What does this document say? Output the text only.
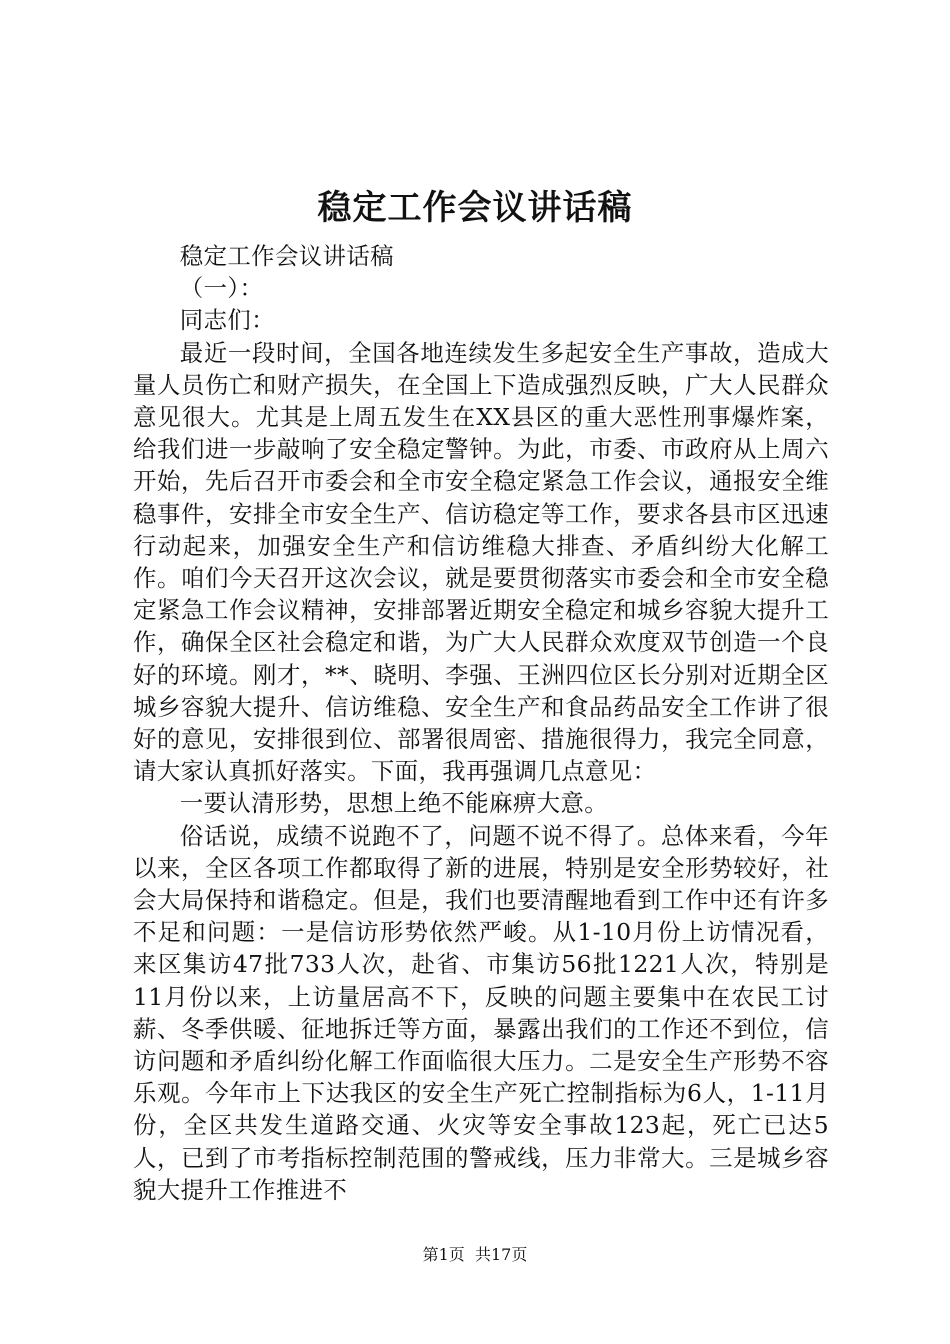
稳定工作会议讲话稿

稳定工作会议讲话稿

（一）：

同志们：

最近一段时间，全国各地连续发生多起安全生产事故，造成大量人员伤亡和财产损失，在全国上下造成强烈反映，广大人民群众意见很大。尤其是上周五发生在XX县区的重大恶性刑事爆炸案，给我们进一步敲响了安全稳定警钟。为此，市委、市政府从上周六开始，先后召开市委会和全市安全稳定紧急工作会议，通报安全维稳事件，安排全市安全生产、信访稳定等工作，要求各县市区迅速行动起来，加强安全生产和信访维稳大排查、矛盾纠纷大化解工作。咱们今天召开这次会议，就是要贯彻落实市委会和全市安全稳定紧急工作会议精神，安排部署近期安全稳定和城乡容貌大提升工作，确保全区社会稳定和谐，为广大人民群众欢度双节创造一个良好的环境。刚才，**、晓明、李强、王洲四位区长分别对近期全区城乡容貌大提升、信访维稳、安全生产和食品药品安全工作讲了很好的意见，安排很到位、部署很周密、措施很得力，我完全同意，请大家认真抓好落实。下面，我再强调几点意见：

一要认清形势，思想上绝不能麻痹大意。

俗话说，成绩不说跑不了，问题不说不得了。总体来看，今年以来，全区各项工作都取得了新的进展，特别是安全形势较好，社会大局保持和谐稳定。但是，我们也要清醒地看到工作中还有许多不足和问题：一是信访形势依然严峻。从1-10月份上访情况看，来区集访47批733人次，赴省、市集访56批1221人次，特别是11月份以来，上访量居高不下，反映的问题主要集中在农民工讨薪、冬季供暖、征地拆迁等方面，暴露出我们的工作还不到位，信访问题和矛盾纠纷化解工作面临很大压力。二是安全生产形势不容乐观。今年市上下达我区的安全生产死亡控制指标为6人，1-11月份，全区共发生道路交通、火灾等安全事故123起，死亡已达5人，已到了市考指标控制范围的警戒线，压力非常大。三是城乡容貌大提升工作推进不

第1页 共17页
